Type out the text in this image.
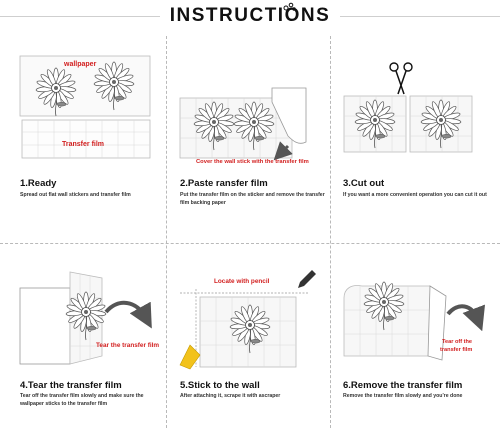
INSTRUCTIONS
wallpaper
Transfer film
1.Ready
Spread out flat wall stickers and transfer film
Cover the wall stick with the transfer film
2.Paste ransfer film
Put the transfer film on the sticker and remove the transfer film backing paper
3.Cut out
If you want a more convenient operation you can cut it out
Tear the transfer film
4.Tear the transfer film
Tear off the transfer film slowly and make sure the wallpaper sticks to the transfer film
Locate with pencil
5.Stick to the wall
After attaching it, scrape it with ascraper
Tear off the
transfer film
6.Remove the transfer film
Remove the transfer film slowly and you're done
